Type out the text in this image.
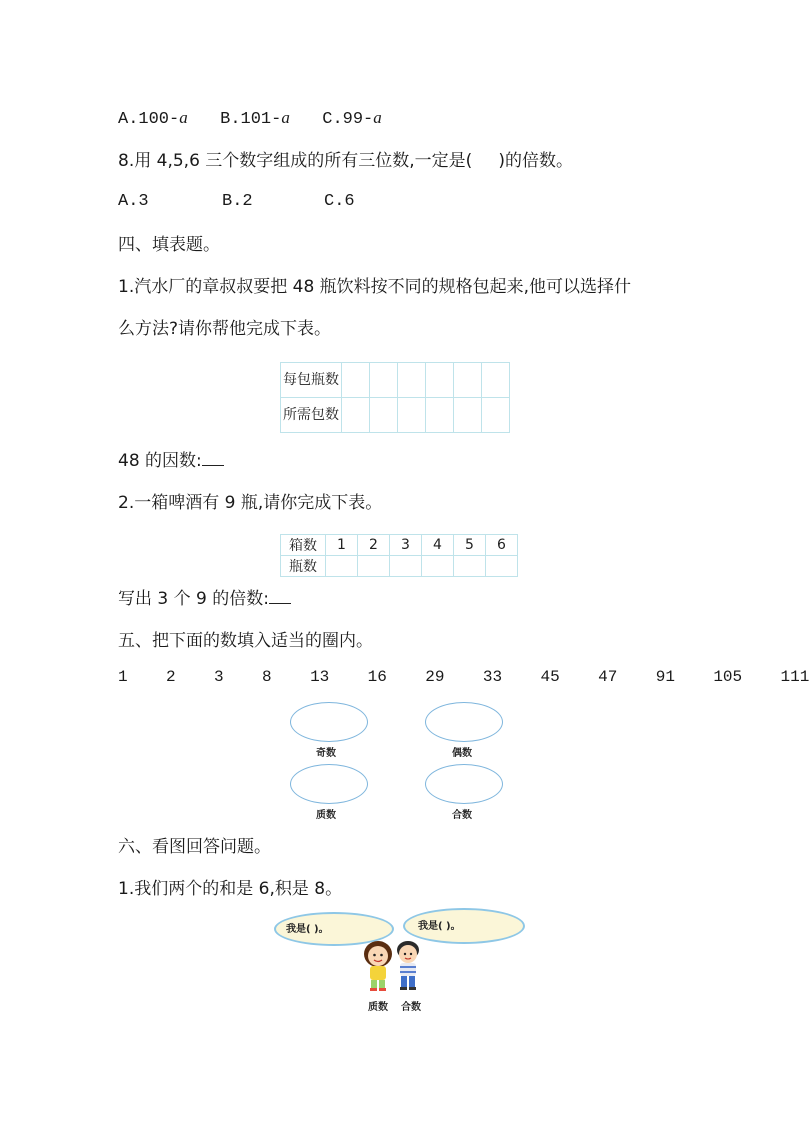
A.100-a B.101-a C.99-a
8.用 4,5,6 三个数字组成的所有三位数,一定是( )的倍数。
A.3	B.2	C.6
四、填表题。
1.汽水厂的章叔叔要把 48 瓶饮料按不同的规格包起来,他可以选择什
么方法?请你帮他完成下表。
每包瓶数						
所需包数						
48 的因数:
2.一箱啤酒有 9 瓶,请你完成下表。
箱数	1	2	3	4	5	6
瓶数						
写出 3 个 9 的倍数:
五、把下面的数填入适当的圈内。
1 2 3 8 13 16 29 33 45 47 91 105 111
奇数	偶数
质数	合数
六、看图回答问题。
1.我们两个的和是 6,积是 8。
我是( )。	我是( )。
质数 合数
